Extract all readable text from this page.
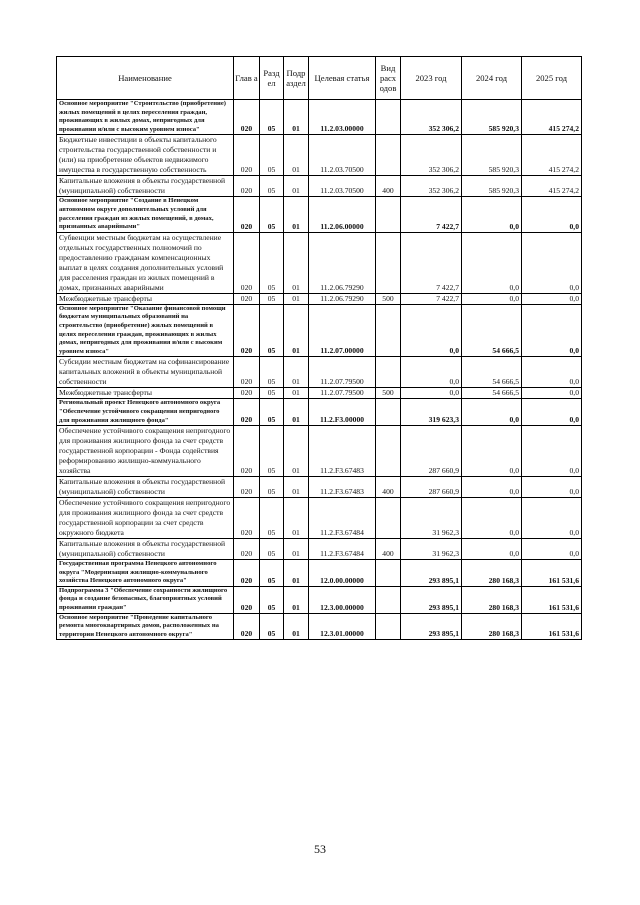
Наименование	Глав а	Разд ел	Подр аздел	Целевая статья	Вид расх одов	2023 год	2024 год	2025 год
Основное мероприятие "Строительство (приобретение) жилых помещений в целях переселения граждан, проживающих в жилых домах, непригодных для проживания и/или с высоким уровнем износа"	020	05	01	11.2.03.00000		352 306,2	585 920,3	415 274,2
Бюджетные инвестиции в объекты капитального строительства государственной собственности и (или) на приобретение объектов недвижимого имущества в государственную собственность	020	05	01	11.2.03.70500		352 306,2	585 920,3	415 274,2
Капитальные вложения в объекты государственной (муниципальной) собственности	020	05	01	11.2.03.70500	400	352 306,2	585 920,3	415 274,2
Основное мероприятие "Создание в Ненецком автономном округе дополнительных условий для расселения граждан из жилых помещений, в домах, признанных аварийными"	020	05	01	11.2.06.00000		7 422,7	0,0	0,0
Субвенции местным бюджетам на осуществление отдельных государственных полномочий по предоставлению гражданам компенсационных выплат в целях создания дополнительных условий для расселения граждан из жилых помещений в домах, признанных аварийными	020	05	01	11.2.06.79290		7 422,7	0,0	0,0
Межбюджетные трансферты	020	05	01	11.2.06.79290	500	7 422,7	0,0	0,0
Основное мероприятие "Оказание финансовой помощи бюджетам муниципальных образований на строительство (приобретение) жилых помещений в целях переселения граждан, проживающих в жилых домах, непригодных для проживания и/или с высоким уровнем износа"	020	05	01	11.2.07.00000		0,0	54 666,5	0,0
Субсидии местным бюджетам на софинансирование капитальных вложений в объекты муниципальной собственности	020	05	01	11.2.07.79500		0,0	54 666,5	0,0
Межбюджетные трансферты	020	05	01	11.2.07.79500	500	0,0	54 666,5	0,0
Региональный проект Ненецкого автономного округа "Обеспечение устойчивого сокращения непригодного для проживания жилищного фонда"	020	05	01	11.2.F3.00000		319 623,3	0,0	0,0
Обеспечение устойчивого сокращения непригодного для проживания жилищного фонда за счет средств государственной корпорации - Фонда содействия реформированию жилищно-коммунального хозяйства	020	05	01	11.2.F3.67483		287 660,9	0,0	0,0
Капитальные вложения в объекты государственной (муниципальной) собственности	020	05	01	11.2.F3.67483	400	287 660,9	0,0	0,0
Обеспечение устойчивого сокращения непригодного для проживания жилищного фонда за счет средств государственной корпорации за счет средств окружного бюджета	020	05	01	11.2.F3.67484		31 962,3	0,0	0,0
Капитальные вложения в объекты государственной (муниципальной) собственности	020	05	01	11.2.F3.67484	400	31 962,3	0,0	0,0
Государственная программа Ненецкого автономного округа "Модернизация жилищно-коммунального хозяйства Ненецкого автономного округа"	020	05	01	12.0.00.00000		293 895,1	280 168,3	161 531,6
Подпрограмма 3 "Обеспечение сохранности жилищного фонда и создание безопасных, благоприятных условий проживания граждан"	020	05	01	12.3.00.00000		293 895,1	280 168,3	161 531,6
Основное мероприятие "Проведение капитального ремонта многоквартирных домов, расположенных на территории Ненецкого автономного округа"	020	05	01	12.3.01.00000		293 895,1	280 168,3	161 531,6
53
